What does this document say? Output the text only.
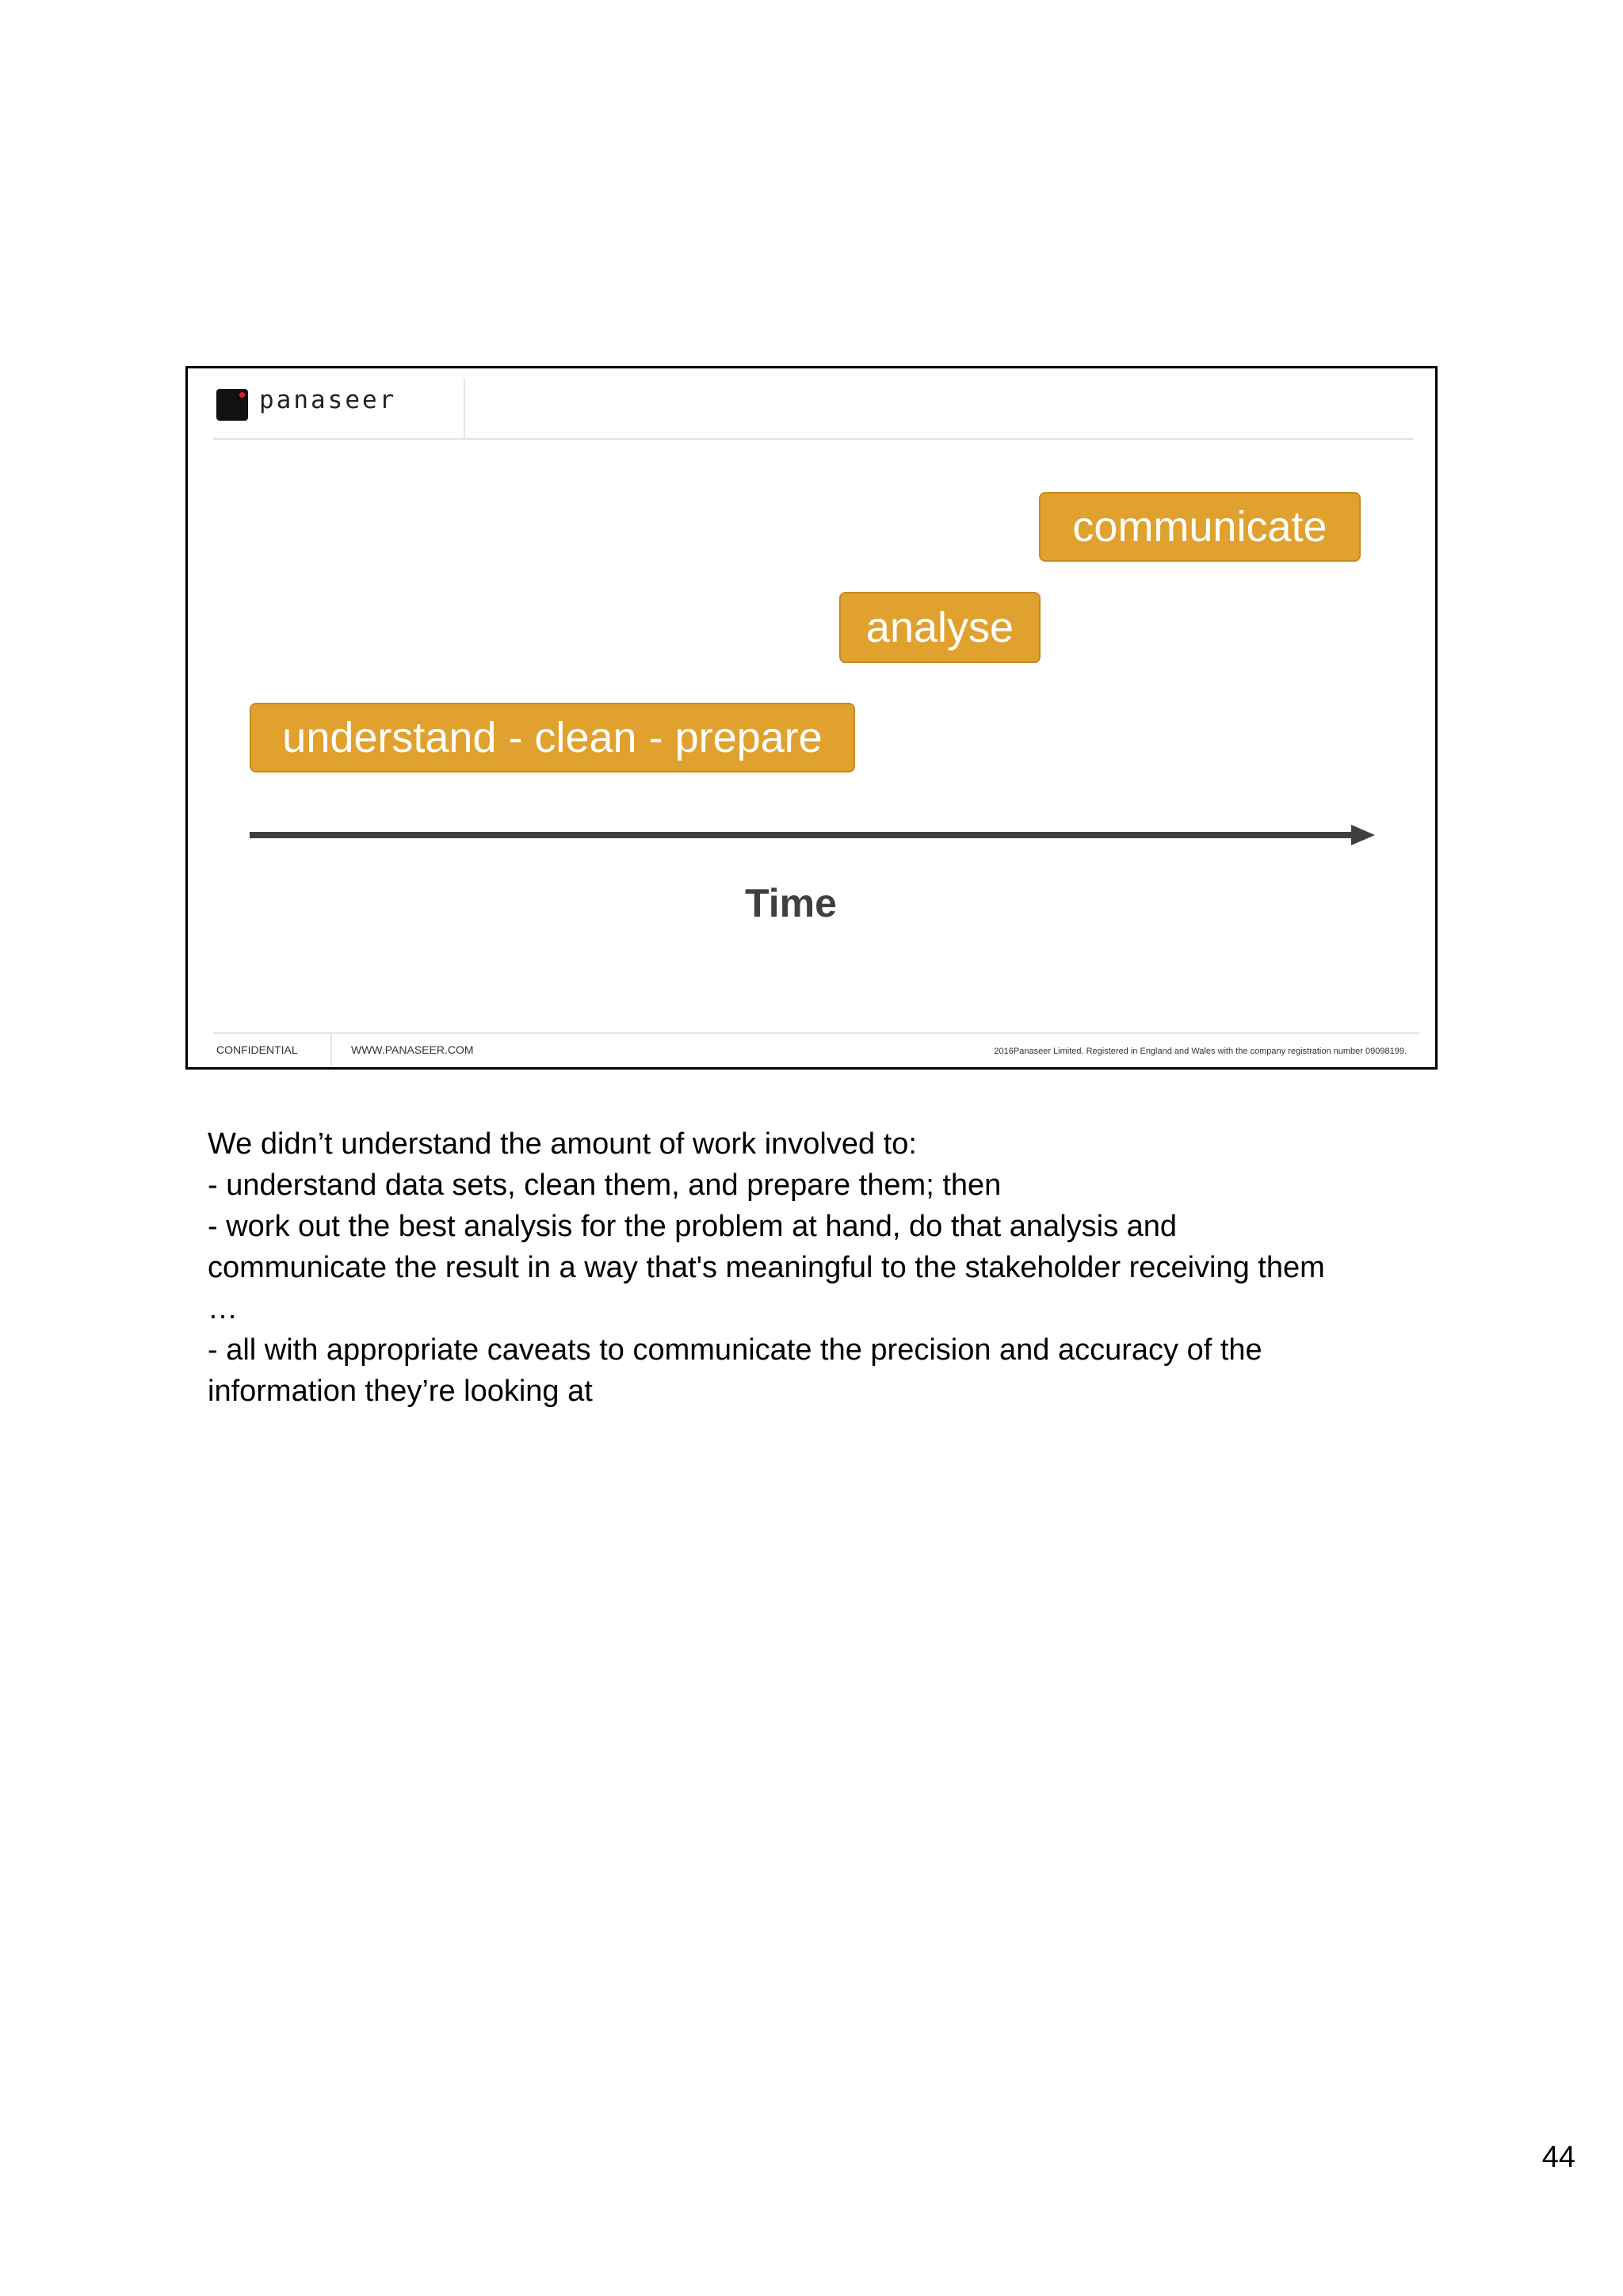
panaseer
communicate
analyse
understand - clean - prepare
Time
CONFIDENTIAL	WWW.PANASEER.COM	2016Panaseer Limited. Registered in England and Wales with the company registration number 09098199.

We didn’t understand the amount of work involved to:

- understand data sets, clean them, and prepare them; then

- work out the best analysis for the problem at hand, do that analysis and

communicate the result in a way that's meaningful to the stakeholder receiving them

…

- all with appropriate caveats to communicate the precision and accuracy of the

information they’re looking at

44
